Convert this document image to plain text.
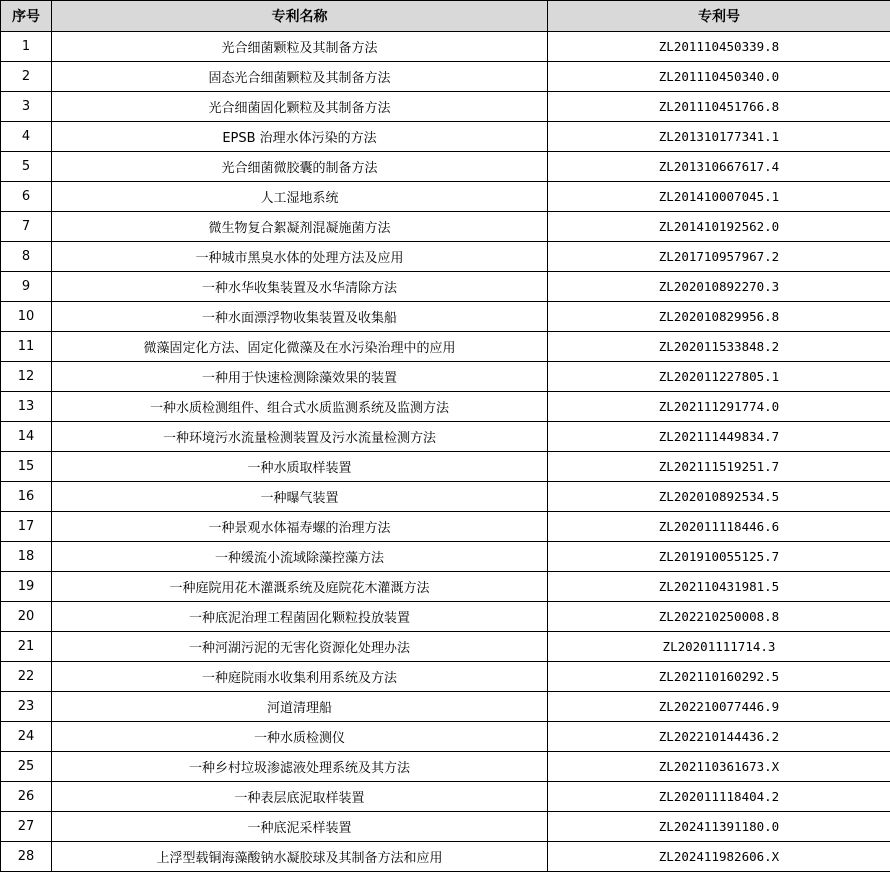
序号	专利名称	专利号
1	光合细菌颗粒及其制备方法	ZL201110450339.8
2	固态光合细菌颗粒及其制备方法	ZL201110450340.0
3	光合细菌固化颗粒及其制备方法	ZL201110451766.8
4	EPSB 治理水体污染的方法	ZL201310177341.1
5	光合细菌微胶囊的制备方法	ZL201310667617.4
6	人工湿地系统	ZL201410007045.1
7	微生物复合絮凝剂混凝施菌方法	ZL201410192562.0
8	一种城市黑臭水体的处理方法及应用	ZL201710957967.2
9	一种水华收集装置及水华清除方法	ZL202010892270.3
10	一种水面漂浮物收集装置及收集船	ZL202010829956.8
11	微藻固定化方法、固定化微藻及在水污染治理中的应用	ZL202011533848.2
12	一种用于快速检测除藻效果的装置	ZL202011227805.1
13	一种水质检测组件、组合式水质监测系统及监测方法	ZL202111291774.0
14	一种环境污水流量检测装置及污水流量检测方法	ZL202111449834.7
15	一种水质取样装置	ZL202111519251.7
16	一种曝气装置	ZL202010892534.5
17	一种景观水体福寿螺的治理方法	ZL202011118446.6
18	一种缓流小流域除藻控藻方法	ZL201910055125.7
19	一种庭院用花木灌溉系统及庭院花木灌溉方法	ZL202110431981.5
20	一种底泥治理工程菌固化颗粒投放装置	ZL202210250008.8
21	一种河湖污泥的无害化资源化处理办法	ZL20201111714.3
22	一种庭院雨水收集利用系统及方法	ZL202110160292.5
23	河道清理船	ZL202210077446.9
24	一种水质检测仪	ZL202210144436.2
25	一种乡村垃圾渗滤液处理系统及其方法	ZL202110361673.X
26	一种表层底泥取样装置	ZL202011118404.2
27	一种底泥采样装置	ZL202411391180.0
28	上浮型载铜海藻酸钠水凝胶球及其制备方法和应用	ZL202411982606.X
